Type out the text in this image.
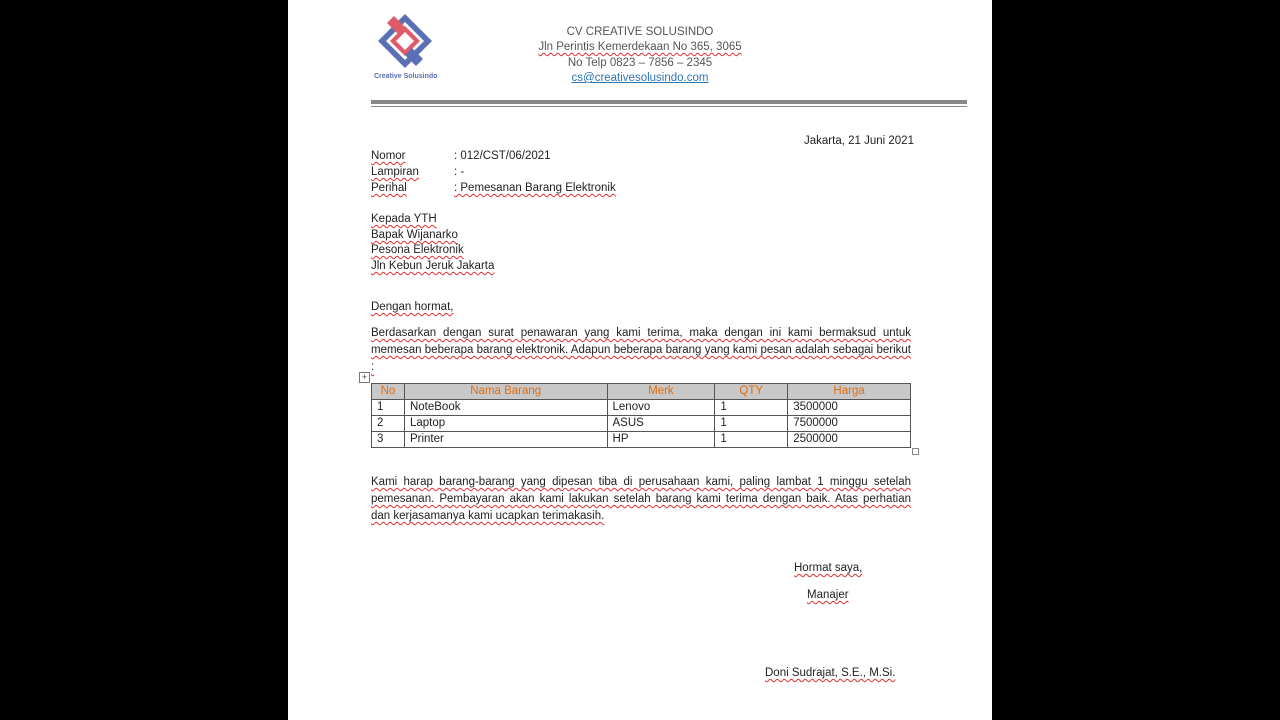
Creative Solusindo
CV CREATIVE SOLUSINDO
Jln Perintis Kemerdekaan No 365, 3065
No Telp 0823 – 7856 – 2345
cs@creativesolusindo.com
Jakarta, 21 Juni 2021
Nomor	: 012/CST/06/2021
Lampiran	: -
Perihal	: Pemesanan Barang Elektronik
Kepada YTH
Bapak Wijanarko
Pesona Elektronik
Jln Kebun Jeruk Jakarta
Dengan hormat,
Berdasarkan dengan surat penawaran yang kami terima, maka dengan ini kami bermaksud untuk memesan beberapa barang elektronik. Adapun beberapa barang yang kami pesan adalah sebagai berikut :
+
No	Nama Barang	Merk	QTY	Harga
1	NoteBook	Lenovo	1	3500000
2	Laptop	ASUS	1	7500000
3	Printer	HP	1	2500000
Kami harap barang-barang yang dipesan tiba di perusahaan kami, paling lambat 1 minggu setelah pemesanan. Pembayaran akan kami lakukan setelah barang kami terima dengan baik. Atas perhatian dan kerjasamanya kami ucapkan terimakasih.
Hormat saya,
Manajer
Doni Sudrajat, S.E., M.Si.
